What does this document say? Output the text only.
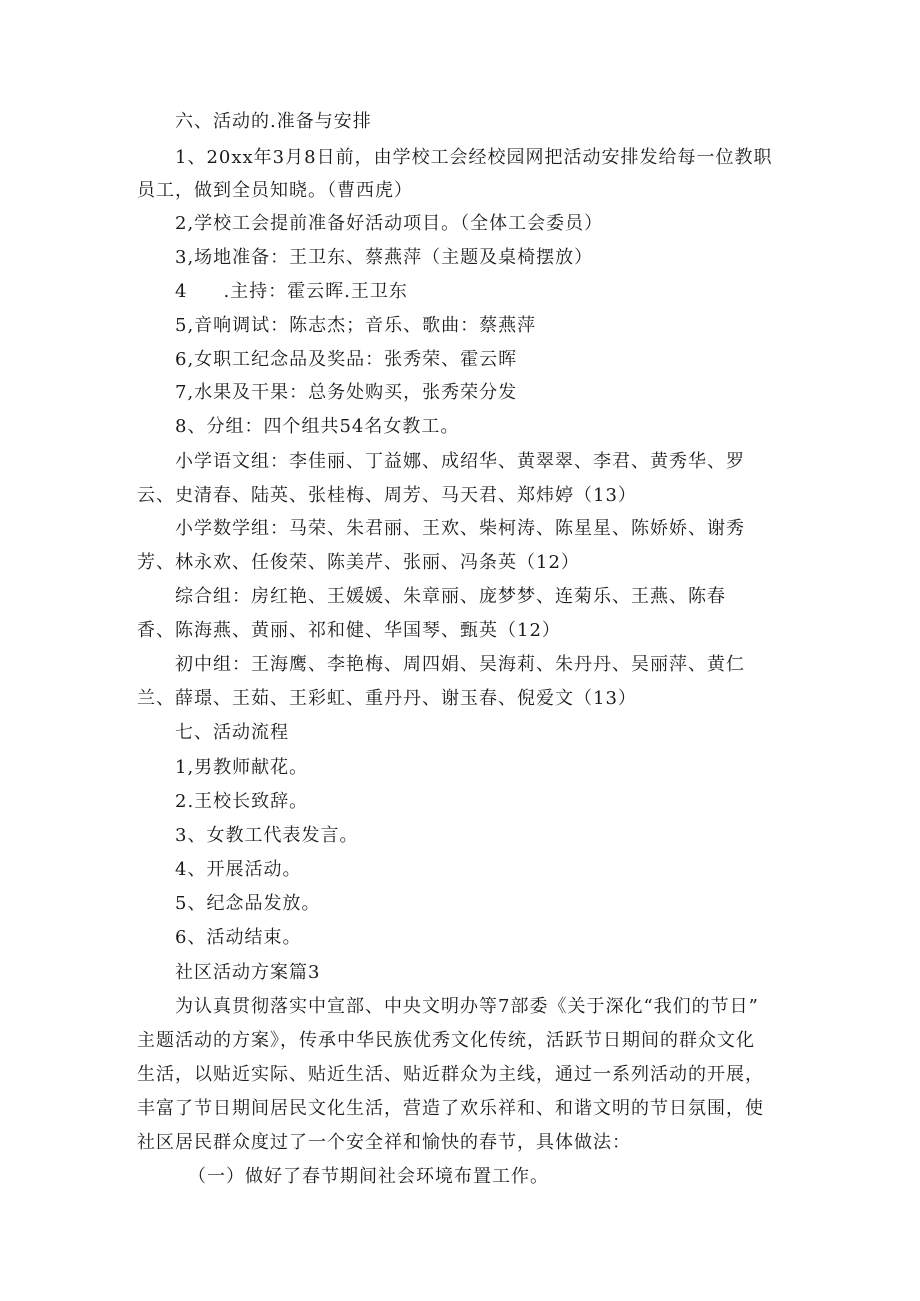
六、活动的.准备与安排
1、20xx年3月8日前，由学校工会经校园网把活动安排发给每一位教职
员工，做到全员知晓。（曹西虎）
2,学校工会提前准备好活动项目。（全体工会委员）
3,场地准备：王卫东、蔡燕萍（主题及桌椅摆放）
4 .主持：霍云晖.王卫东
5,音响调试：陈志杰；音乐、歌曲：蔡燕萍
6,女职工纪念品及奖品：张秀荣、霍云晖
7,水果及干果：总务处购买，张秀荣分发
8、分组：四个组共54名女教工。
小学语文组：李佳丽、丁益娜、成绍华、黄翠翠、李君、黄秀华、罗
云、史清春、陆英、张桂梅、周芳、马天君、郑炜婷（13）
小学数学组：马荣、朱君丽、王欢、柴柯涛、陈星星、陈娇娇、谢秀
芳、林永欢、任俊荣、陈美芹、张丽、冯条英（12）
综合组：房红艳、王媛媛、朱章丽、庞梦梦、连菊乐、王燕、陈春
香、陈海燕、黄丽、祁和健、华国琴、甄英（12）
初中组：王海鹰、李艳梅、周四娟、吴海莉、朱丹丹、吴丽萍、黄仁
兰、薛璟、王茹、王彩虹、重丹丹、谢玉春、倪爱文（13）
七、活动流程
1,男教师献花。
2.王校长致辞。
3、女教工代表发言。
4、开展活动。
5、纪念品发放。
6、活动结束。
社区活动方案篇3
为认真贯彻落实中宣部、中央文明办等7部委《关于深化“我们的节日”
主题活动的方案》，传承中华民族优秀文化传统，活跃节日期间的群众文化
生活，以贴近实际、贴近生活、贴近群众为主线，通过一系列活动的开展，
丰富了节日期间居民文化生活，营造了欢乐祥和、和谐文明的节日氛围，使
社区居民群众度过了一个安全祥和愉快的春节，具体做法：
（一）做好了春节期间社会环境布置工作。
